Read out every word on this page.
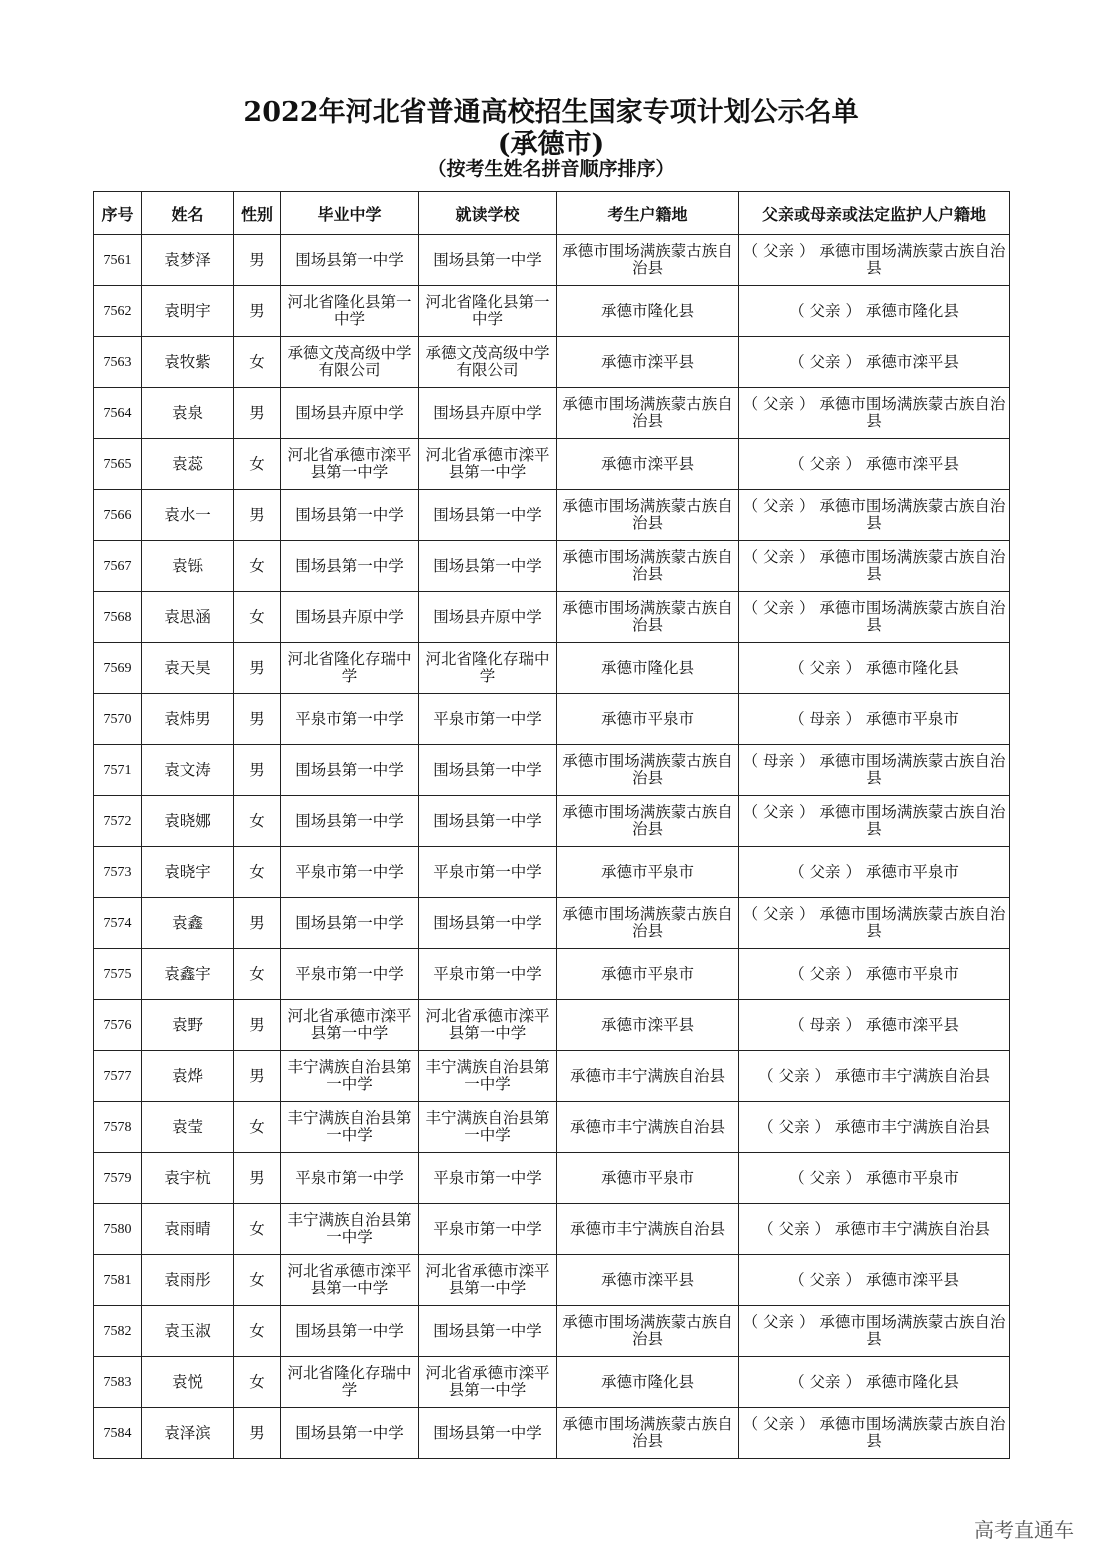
2022年河北省普通高校招生国家专项计划公示名单
(承德市)
（按考生姓名拼音顺序排序）
序号	姓名	性别	毕业中学	就读学校	考生户籍地	父亲或母亲或法定监护人户籍地
7561	袁梦泽	男	围场县第一中学	围场县第一中学	承德市围场满族蒙古族自治县	（ 父亲 ） 承德市围场满族蒙古族自治县
7562	袁明宇	男	河北省隆化县第一中学	河北省隆化县第一中学	承德市隆化县	（ 父亲 ） 承德市隆化县
7563	袁牧紫	女	承德文茂高级中学有限公司	承德文茂高级中学有限公司	承德市滦平县	（ 父亲 ） 承德市滦平县
7564	袁泉	男	围场县卉原中学	围场县卉原中学	承德市围场满族蒙古族自治县	（ 父亲 ） 承德市围场满族蒙古族自治县
7565	袁蕊	女	河北省承德市滦平县第一中学	河北省承德市滦平县第一中学	承德市滦平县	（ 父亲 ） 承德市滦平县
7566	袁水一	男	围场县第一中学	围场县第一中学	承德市围场满族蒙古族自治县	（ 父亲 ） 承德市围场满族蒙古族自治县
7567	袁铄	女	围场县第一中学	围场县第一中学	承德市围场满族蒙古族自治县	（ 父亲 ） 承德市围场满族蒙古族自治县
7568	袁思涵	女	围场县卉原中学	围场县卉原中学	承德市围场满族蒙古族自治县	（ 父亲 ） 承德市围场满族蒙古族自治县
7569	袁天昊	男	河北省隆化存瑞中学	河北省隆化存瑞中学	承德市隆化县	（ 父亲 ） 承德市隆化县
7570	袁炜男	男	平泉市第一中学	平泉市第一中学	承德市平泉市	（ 母亲 ） 承德市平泉市
7571	袁文涛	男	围场县第一中学	围场县第一中学	承德市围场满族蒙古族自治县	（ 母亲 ） 承德市围场满族蒙古族自治县
7572	袁晓娜	女	围场县第一中学	围场县第一中学	承德市围场满族蒙古族自治县	（ 父亲 ） 承德市围场满族蒙古族自治县
7573	袁晓宇	女	平泉市第一中学	平泉市第一中学	承德市平泉市	（ 父亲 ） 承德市平泉市
7574	袁鑫	男	围场县第一中学	围场县第一中学	承德市围场满族蒙古族自治县	（ 父亲 ） 承德市围场满族蒙古族自治县
7575	袁鑫宇	女	平泉市第一中学	平泉市第一中学	承德市平泉市	（ 父亲 ） 承德市平泉市
7576	袁野	男	河北省承德市滦平县第一中学	河北省承德市滦平县第一中学	承德市滦平县	（ 母亲 ） 承德市滦平县
7577	袁烨	男	丰宁满族自治县第一中学	丰宁满族自治县第一中学	承德市丰宁满族自治县	（ 父亲 ） 承德市丰宁满族自治县
7578	袁莹	女	丰宁满族自治县第一中学	丰宁满族自治县第一中学	承德市丰宁满族自治县	（ 父亲 ） 承德市丰宁满族自治县
7579	袁宇杭	男	平泉市第一中学	平泉市第一中学	承德市平泉市	（ 父亲 ） 承德市平泉市
7580	袁雨晴	女	丰宁满族自治县第一中学	平泉市第一中学	承德市丰宁满族自治县	（ 父亲 ） 承德市丰宁满族自治县
7581	袁雨彤	女	河北省承德市滦平县第一中学	河北省承德市滦平县第一中学	承德市滦平县	（ 父亲 ） 承德市滦平县
7582	袁玉淑	女	围场县第一中学	围场县第一中学	承德市围场满族蒙古族自治县	（ 父亲 ） 承德市围场满族蒙古族自治县
7583	袁悦	女	河北省隆化存瑞中学	河北省承德市滦平县第一中学	承德市隆化县	（ 父亲 ） 承德市隆化县
7584	袁泽滨	男	围场县第一中学	围场县第一中学	承德市围场满族蒙古族自治县	（ 父亲 ） 承德市围场满族蒙古族自治县
高考直通车
